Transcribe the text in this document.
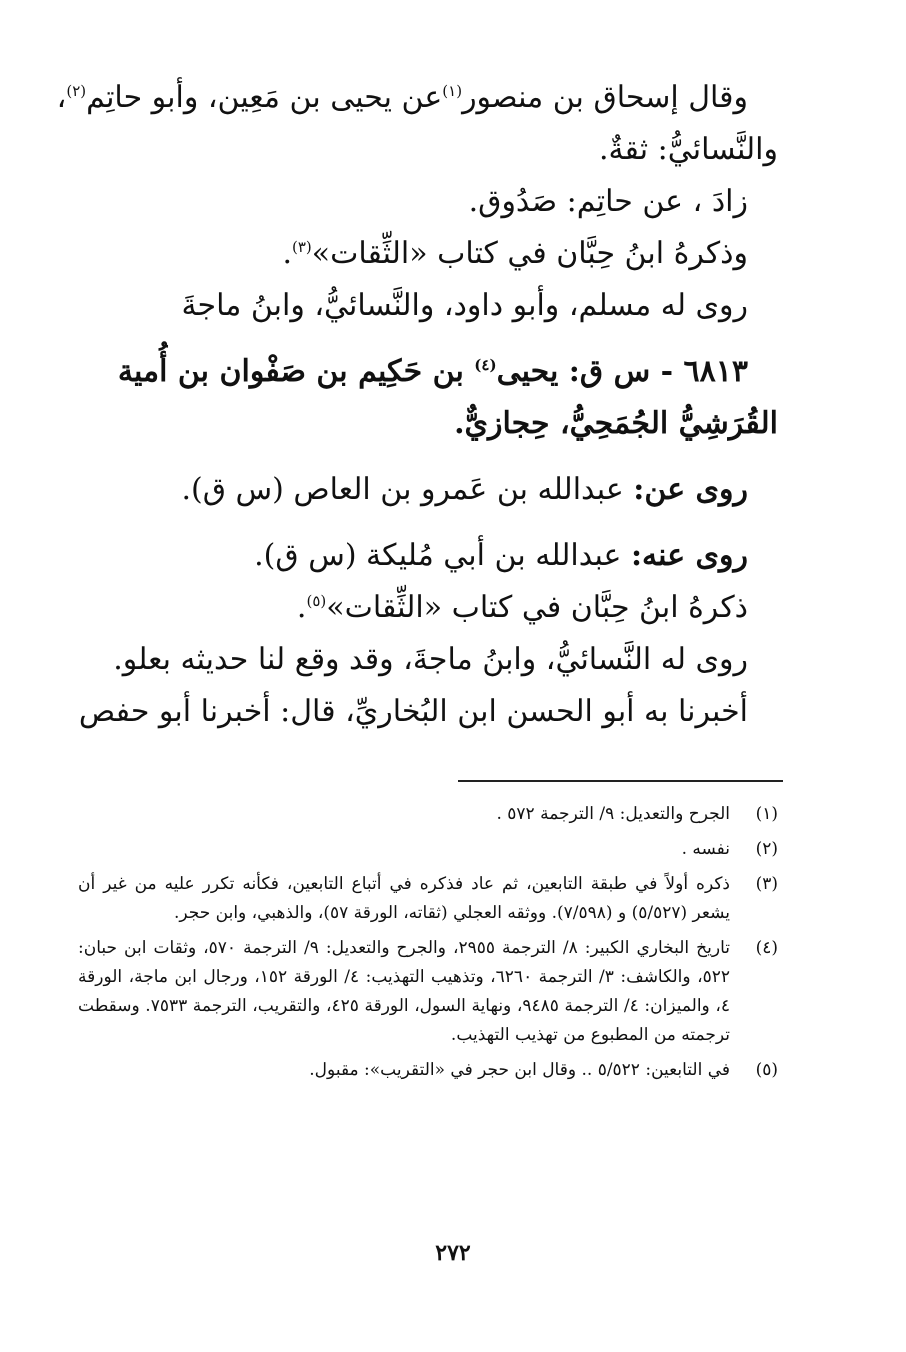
وقال إسحاق بن منصور$^{(١)}$عن يحيى بن مَعِين، وأبو حاتِم$^{(٢)}$،
والنَّسائيُّ: ثقةٌ.
زادَ ، عن حاتِم: صَدُوق.
وذكرهُ ابنُ حِبَّان في كتاب «الثِّقات»$^{(٣)}$.
روى له مسلم، وأبو داود، والنَّسائيُّ، وابنُ ماجةَ
٦٨١٣ - س ق: يحيى$^{(٤)}$ بن حَكِيم بن صَفْوان بن أُمية
القُرَشِيُّ الجُمَحِيُّ، حِجازيٌّ.
روى عن: عبدالله بن عَمرو بن العاص (س ق).
روى عنه: عبدالله بن أبي مُليكة (س ق).
ذكرهُ ابنُ حِبَّان في كتاب «الثِّقات»$^{(٥)}$.
روى له النَّسائيُّ، وابنُ ماجةَ، وقد وقع لنا حديثه بعلو.
أخبرنا به أبو الحسن ابن البُخاريِّ، قال: أخبرنا أبو حفص
(١)
الجرح والتعديل: ٩/ الترجمة ٥٧٢ .
(٢)
نفسه .
(٣)
ذكره أولاً في طبقة التابعين، ثم عاد فذكره في أتباع التابعين، فكأنه تكرر عليه من غير أن يشعر (٥/٥٢٧) و (٧/٥٩٨). ووثقه العجلي (ثقاته، الورقة ٥٧)، والذهبي، وابن حجر.
(٤)
تاريخ البخاري الكبير: ٨/ الترجمة ٢٩٥٥، والجرح والتعديل: ٩/ الترجمة ٥٧٠، وثقات ابن حبان: ٥٢٢، والكاشف: ٣/ الترجمة ٦٢٦٠، وتذهيب التهذيب: ٤/ الورقة ١٥٢، ورجال ابن ماجة، الورقة ٤، والميزان: ٤/ الترجمة ٩٤٨٥، ونهاية السول، الورقة ٤٢٥، والتقريب، الترجمة ٧٥٣٣. وسقطت ترجمته من المطبوع من تهذيب التهذيب.
(٥)
في التابعين: ٥/٥٢٢ .. وقال ابن حجر في «التقريب»: مقبول.
٢٧٢
